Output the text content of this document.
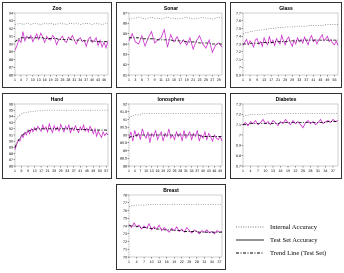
Zoo
86
87
88
89
90
91
92
93
94
1 4 7 10 13 16 19 22 25 28 31 34 37 40 43 46
Sonar
81
82
83
84
85
86
87
1 3 5 7 9 11 13 15 17 19 21 23 25 27 29
Glass
6.9
7
7.1
7.2
7.3
7.4
7.5
7.6
7.7
1 5 9 13 17 21 25 29 33 37 41 45 49 53
Hand
86
87
88
89
90
91
92
93
94
95
96
1 5 9 13 17 21 25 29 33 37 41 45 49 53 57
Ionosphere
88
88.5
89
89.5
90
90.5
91
91.5
92
1 4 7 10 13 16 19 22 25 28 31 34 37 40 43 46 49
Diabetes
6.7
6.8
6.9
7
7.1
7.2
7.3
1 4 7 10 13 16 19 22 25 28 31 34 37
Breast
70
71
72
73
74
75
76
77
78
1 4 7 10 13 16 19 22 25 28 31 34 37
Internal Accuracy
Test Set Accuracy
Trend Line (Test Set)
